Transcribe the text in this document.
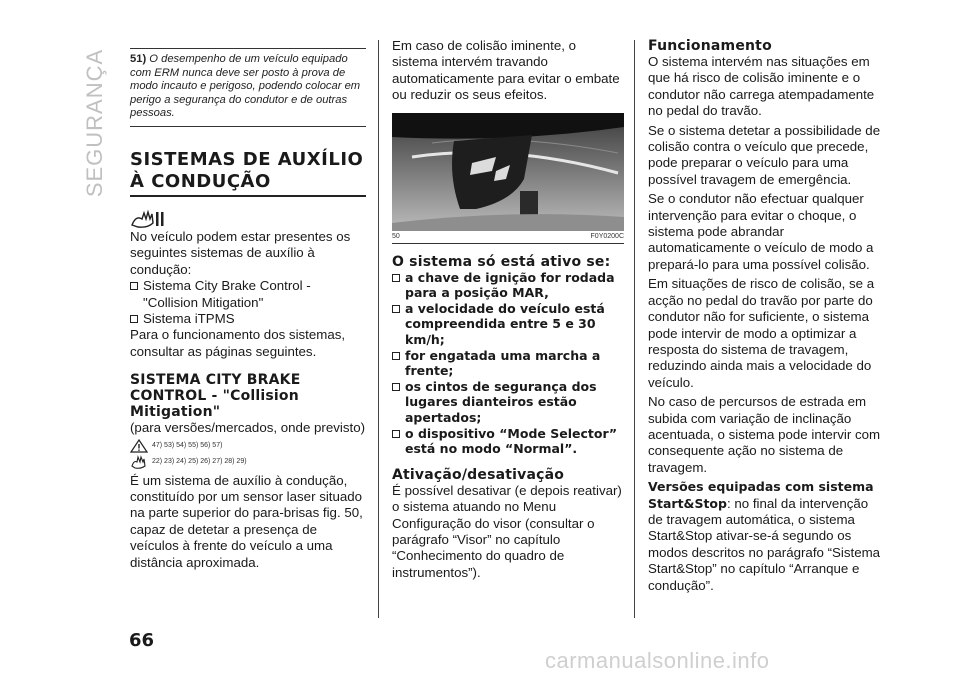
SEGURANÇA 51) O desempenho de um veículo equipado com ERM nunca deve ser posto à prova de modo incauto e perigoso, podendo colocar em perigo a segurança do condutor e de outras pessoas.
SISTEMAS DE AUXÍLIO À CONDUÇÃO

No veículo podem estar presentes os seguintes sistemas de auxílio à condução:

Sistema City Brake Control - "Collision Mitigation"

Sistema iTPMS

Para o funcionamento dos sistemas, consultar as páginas seguintes.

SISTEMA CITY BRAKE CONTROL - "Collision Mitigation"

(para versões/mercados, onde previsto)

47) 53) 54) 55) 56) 57)
22) 23) 24) 25) 26) 27) 28) 29)

É um sistema de auxílio à condução, constituído por um sensor laser situado na parte superior do para-brisas fig. 50, capaz de detetar a presença de veículos à frente do veículo a uma distância aproximada.

Em caso de colisão iminente, o sistema intervém travando automaticamente para evitar o embate ou reduzir os seus efeitos.

50	F0Y0200C
O sistema só está ativo se:

a chave de ignição for rodada para a posição MAR,

a velocidade do veículo está compreendida entre 5 e 30 km/h;

for engatada uma marcha a frente;

os cintos de segurança dos lugares dianteiros estão apertados;

o dispositivo “Mode Selector” está no modo “Normal”.

Ativação/desativação

É possível desativar (e depois reativar) o sistema atuando no Menu Configuração do visor (consultar o parágrafo “Visor” no capítulo “Conhecimento do quadro de instrumentos”).

Funcionamento

O sistema intervém nas situações em que há risco de colisão iminente e o condutor não carrega atempadamente no pedal do travão.

Se o sistema detetar a possibilidade de colisão contra o veículo que precede, pode preparar o veículo para uma possível travagem de emergência.

Se o condutor não efectuar qualquer intervenção para evitar o choque, o sistema pode abrandar automaticamente o veículo de modo a prepará-lo para uma possível colisão.

Em situações de risco de colisão, se a acção no pedal do travão por parte do condutor não for suficiente, o sistema pode intervir de modo a optimizar a resposta do sistema de travagem, reduzindo ainda mais a velocidade do veículo.

No caso de percursos de estrada em subida com variação de inclinação acentuada, o sistema pode intervir com consequente ação no sistema de travagem.

Versões equipadas com sistema Start&Stop: no final da intervenção de travagem automática, o sistema Start&Stop ativar-se-á segundo os modos descritos no parágrafo “Sistema Start&Stop” no capítulo “Arranque e condução”.

66
carmanualsonline.info
